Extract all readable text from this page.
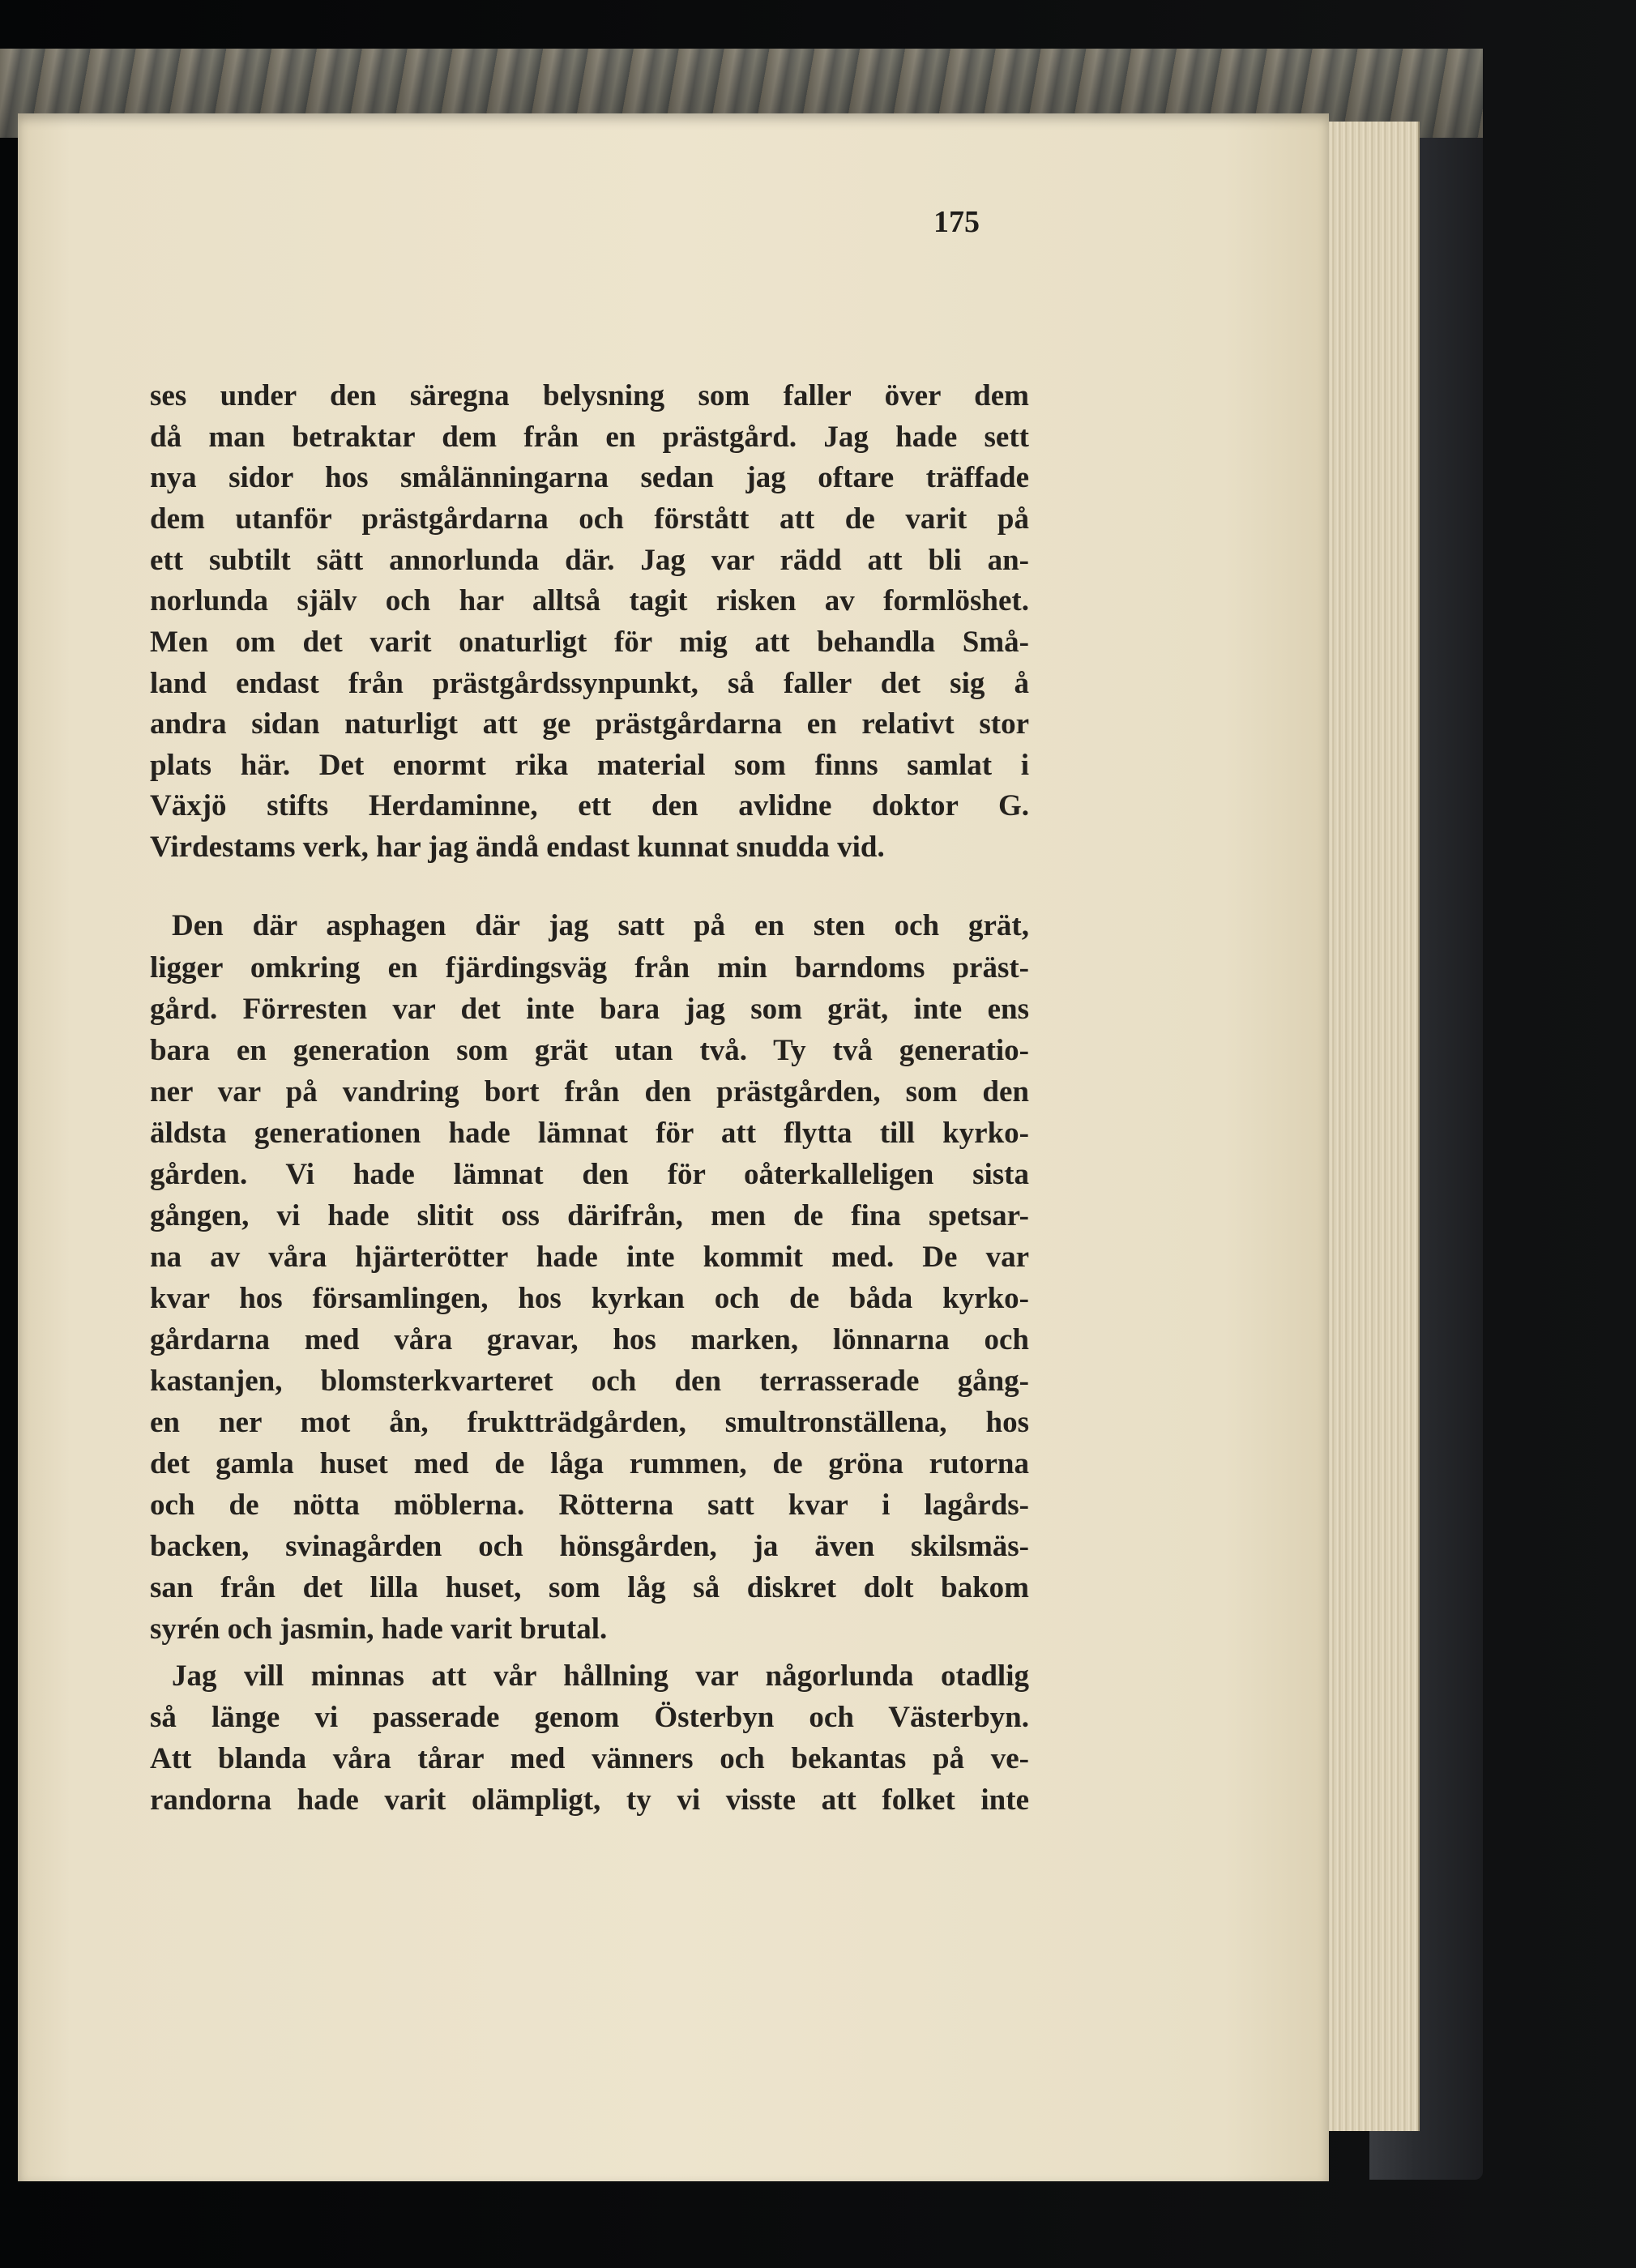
175
ses under den säregna belysning som faller över dem
då man betraktar dem från en prästgård. Jag hade sett
nya sidor hos smålänningarna sedan jag oftare träffade
dem utanför prästgårdarna och förstått att de varit på
ett subtilt sätt annorlunda där. Jag var rädd att bli an-
norlunda själv och har alltså tagit risken av formlöshet.
Men om det varit onaturligt för mig att behandla Små-
land endast från prästgårdssynpunkt, så faller det sig å
andra sidan naturligt att ge prästgårdarna en relativt stor
plats här. Det enormt rika material som finns samlat i
Växjö stifts Herdaminne, ett den avlidne doktor G.
Virdestams verk, har jag ändå endast kunnat snudda vid.
Den där asphagen där jag satt på en sten och grät,
ligger omkring en fjärdingsväg från min barndoms präst-
gård. Förresten var det inte bara jag som grät, inte ens
bara en generation som grät utan två. Ty två generatio-
ner var på vandring bort från den prästgården, som den
äldsta generationen hade lämnat för att flytta till kyrko-
gården. Vi hade lämnat den för oåterkalleligen sista
gången, vi hade slitit oss därifrån, men de fina spetsar-
na av våra hjärterötter hade inte kommit med. De var
kvar hos församlingen, hos kyrkan och de båda kyrko-
gårdarna med våra gravar, hos marken, lönnarna och
kastanjen, blomsterkvarteret och den terrasserade gång-
en ner mot ån, fruktträdgården, smultronställena, hos
det gamla huset med de låga rummen, de gröna rutorna
och de nötta möblerna. Rötterna satt kvar i lagårds-
backen, svinagården och hönsgården, ja även skilsmäs-
san från det lilla huset, som låg så diskret dolt bakom
syrén och jasmin, hade varit brutal.
Jag vill minnas att vår hållning var någorlunda otadlig
så länge vi passerade genom Österbyn och Västerbyn.
Att blanda våra tårar med vänners och bekantas på ve-
randorna hade varit olämpligt, ty vi visste att folket inte
